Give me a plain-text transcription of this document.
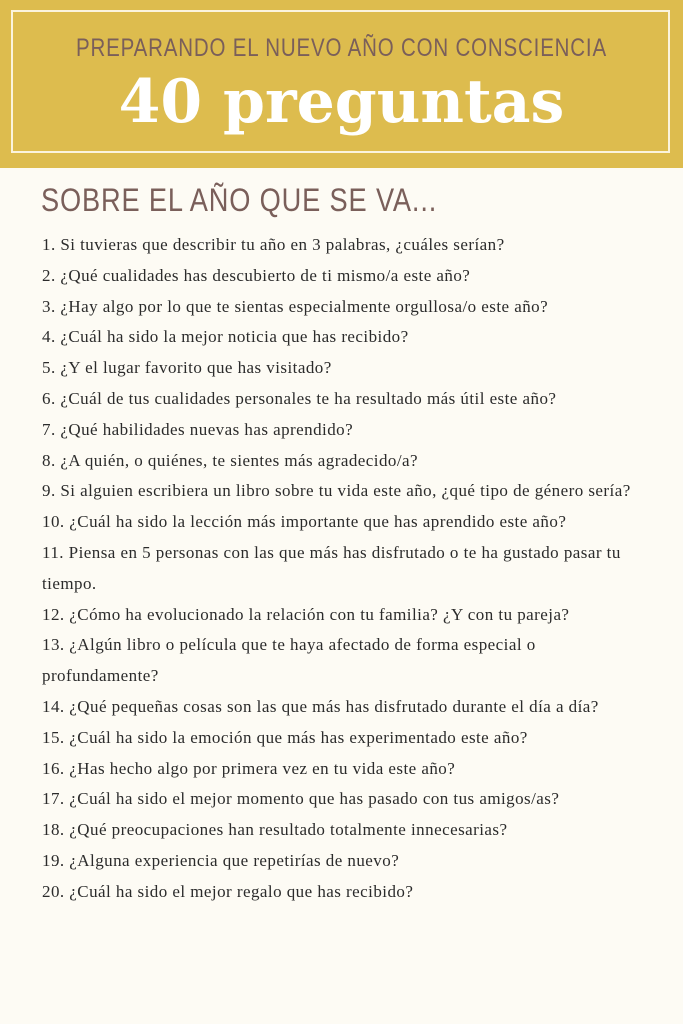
PREPARANDO EL NUEVO AÑO CON CONSCIENCIA
40 preguntas
SOBRE EL AÑO QUE SE VA...
1. Si tuvieras que describir tu año en 3 palabras, ¿cuáles serían?
2. ¿Qué cualidades has descubierto de ti mismo/a este año?
3. ¿Hay algo por lo que te sientas especialmente orgullosa/o este año?
4. ¿Cuál ha sido la mejor noticia que has recibido?
5. ¿Y el lugar favorito que has visitado?
6. ¿Cuál de tus cualidades personales te ha resultado más útil este año?
7. ¿Qué habilidades nuevas has aprendido?
8. ¿A quién, o quiénes, te sientes más agradecido/a?
9. Si alguien escribiera un libro sobre tu vida este año, ¿qué tipo de género sería?
10. ¿Cuál ha sido la lección más importante que has aprendido este año?
11. Piensa en 5 personas con las que más has disfrutado o te ha gustado pasar tu tiempo.
12. ¿Cómo ha evolucionado la relación con tu familia? ¿Y con tu pareja?
13. ¿Algún libro o película que te haya afectado de forma especial o profundamente?
14. ¿Qué pequeñas cosas son las que más has disfrutado durante el día a día?
15. ¿Cuál ha sido la emoción que más has experimentado este año?
16. ¿Has hecho algo por primera vez en tu vida este año?
17. ¿Cuál ha sido el mejor momento que has pasado con tus amigos/as?
18. ¿Qué preocupaciones han resultado totalmente innecesarias?
19. ¿Alguna experiencia que repetirías de nuevo?
20. ¿Cuál ha sido el mejor regalo que has recibido?
